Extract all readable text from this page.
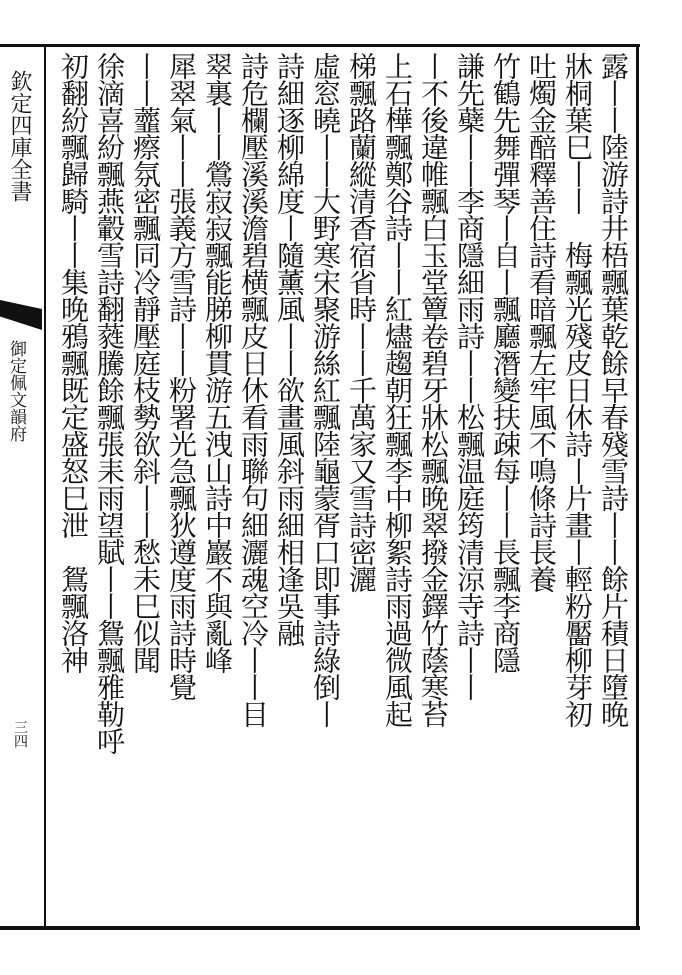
欽定四庫全書
御定佩文韻府
三四
露丨丨陸游詩井梧飄葉乾餘早春殘雪詩丨丨餘片積日墮晚
牀桐葉巳丨丨　梅飄光殘皮日休詩丨片畫丨輕粉靨柳芽初
吐燭金醅釋善住詩看暗飄左牢風不鳴條詩長養
竹鶴先舞彈琴丨自丨飄廳潛變扶疎每丨丨長飄李商隱
謙先蘗丨丨李商隱細雨詩丨丨松飄温庭筠清涼寺詩丨丨
丨不後違帷飄白玉堂簟卷碧牙牀松飄晚翠撥金鐸竹蔭寒苔
上石樺飄鄭谷詩丨丨紅燼趨朝狂飄李中柳絮詩雨過微風起
梯飄路蘭縱清香宿省時丨丨千萬家又雪詩密灑
虛窓曉丨丨大野寒宋聚游絲紅飄陸龜蒙胥口即事詩綠倒丨
詩細逐柳綿度丨隨薰風丨丨欲畫風斜雨細相逢吳融
詩危欄壓溪溪澹碧横飄皮日休看雨聯句細灑魂空冷丨丨目
翠裏丨丨鶯寂寂飄能䏲柳貫游五洩山詩中巖不與亂峰
犀翠氣丨丨張義方雪詩丨丨粉署光急飄狄遵度雨詩時覺
丨丨虀瘵氛密飄同冷靜壓庭枝勢欲斜丨丨愁未巳似聞
徐滴喜紛飄燕轂雪詩翻蕤騰餘飄張耒雨望賦丨丨鴛飄雅勒呼
初翻紛飄歸騎丨丨集晚鴉飄既定盛怒巳泄　鴛飄洛神
